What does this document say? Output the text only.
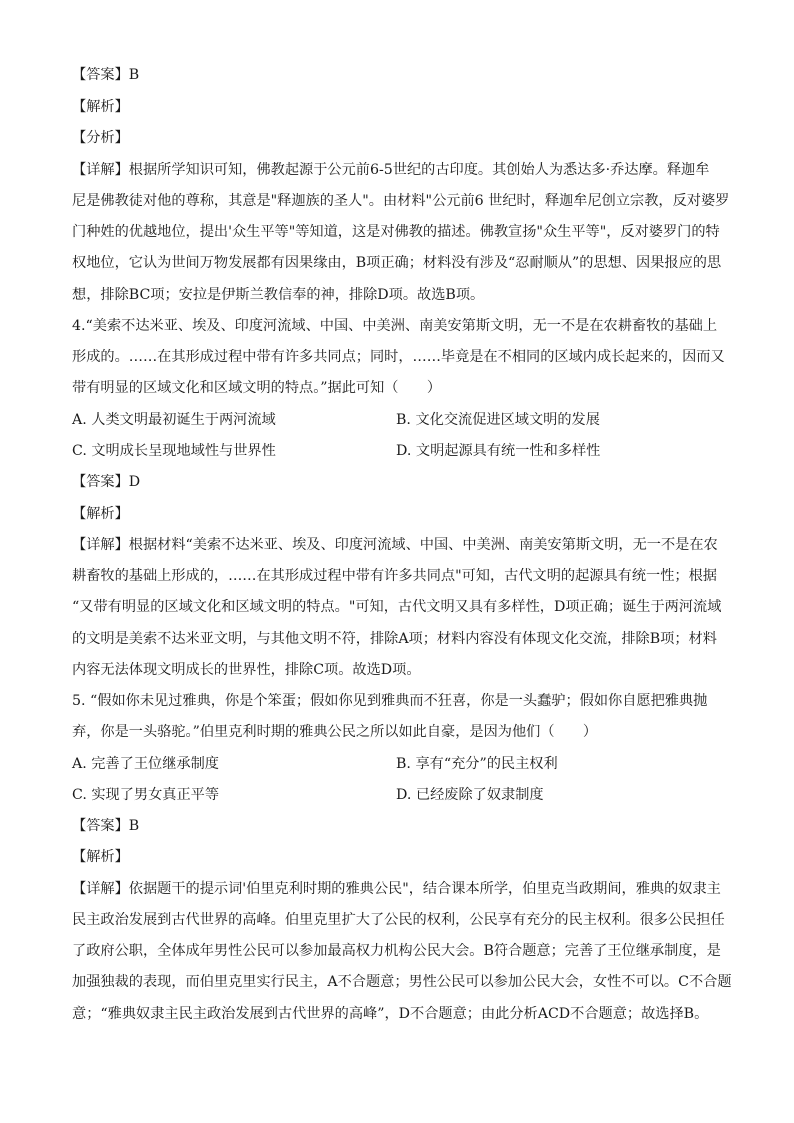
【答案】B
【解析】
【分析】
【详解】根据所学知识可知，佛教起源于公元前6-5世纪的古印度。其创始人为悉达多·乔达摩。释迦牟
尼是佛教徒对他的尊称，其意是"释迦族的圣人"。由材料"公元前6 世纪时，释迦牟尼创立宗教，反对婆罗
门种姓的优越地位，提出'众生平等"等知道，这是对佛教的描述。佛教宣扬"众生平等"，反对婆罗门的特
权地位，它认为世间万物发展都有因果缘由，B项正确；材料没有涉及“忍耐顺从”的思想、因果报应的思
想，排除BC项；安拉是伊斯兰教信奉的神，排除D项。故选B项。
4.“美索不达米亚、埃及、印度河流域、中国、中美洲、南美安第斯文明，无一不是在农耕畜牧的基础上
形成的。……在其形成过程中带有许多共同点；同时，……毕竟是在不相同的区域内成长起来的，因而又
带有明显的区域文化和区域文明的特点。”据此可知（　　）
A. 人类文明最初诞生于两河流域	B. 文化交流促进区域文明的发展
C. 文明成长呈现地域性与世界性	D. 文明起源具有统一性和多样性
【答案】D
【解析】
【详解】根据材料“美索不达米亚、埃及、印度河流域、中国、中美洲、南美安第斯文明，无一不是在农
耕畜牧的基础上形成的，……在其形成过程中带有许多共同点"可知，古代文明的起源具有统一性；根据
“又带有明显的区域文化和区域文明的特点。"可知，古代文明又具有多样性，D项正确；诞生于两河流域
的文明是美索不达米亚文明，与其他文明不符，排除A项；材料内容没有体现文化交流，排除B项；材料
内容无法体现文明成长的世界性，排除C项。故选D项。
5. “假如你未见过雅典，你是个笨蛋；假如你见到雅典而不狂喜，你是一头蠢驴；假如你自愿把雅典抛
弃，你是一头骆驼。”伯里克利时期的雅典公民之所以如此自豪，是因为他们（　　）
A. 完善了王位继承制度	B. 享有“充分”的民主权利
C. 实现了男女真正平等	D. 已经废除了奴隶制度
【答案】B
【解析】
【详解】依据题干的提示词'伯里克利时期的雅典公民"，结合课本所学，伯里克当政期间，雅典的奴隶主
民主政治发展到古代世界的高峰。伯里克里扩大了公民的权利，公民享有充分的民主权利。很多公民担任
了政府公职，全体成年男性公民可以参加最高权力机构公民大会。B符合题意；完善了王位继承制度，是
加强独裁的表现，而伯里克里实行民主，A不合题意；男性公民可以参加公民大会，女性不可以。C不合题
意；“雅典奴隶主民主政治发展到古代世界的高峰”，D不合题意；由此分析ACD不合题意；故选择B。
